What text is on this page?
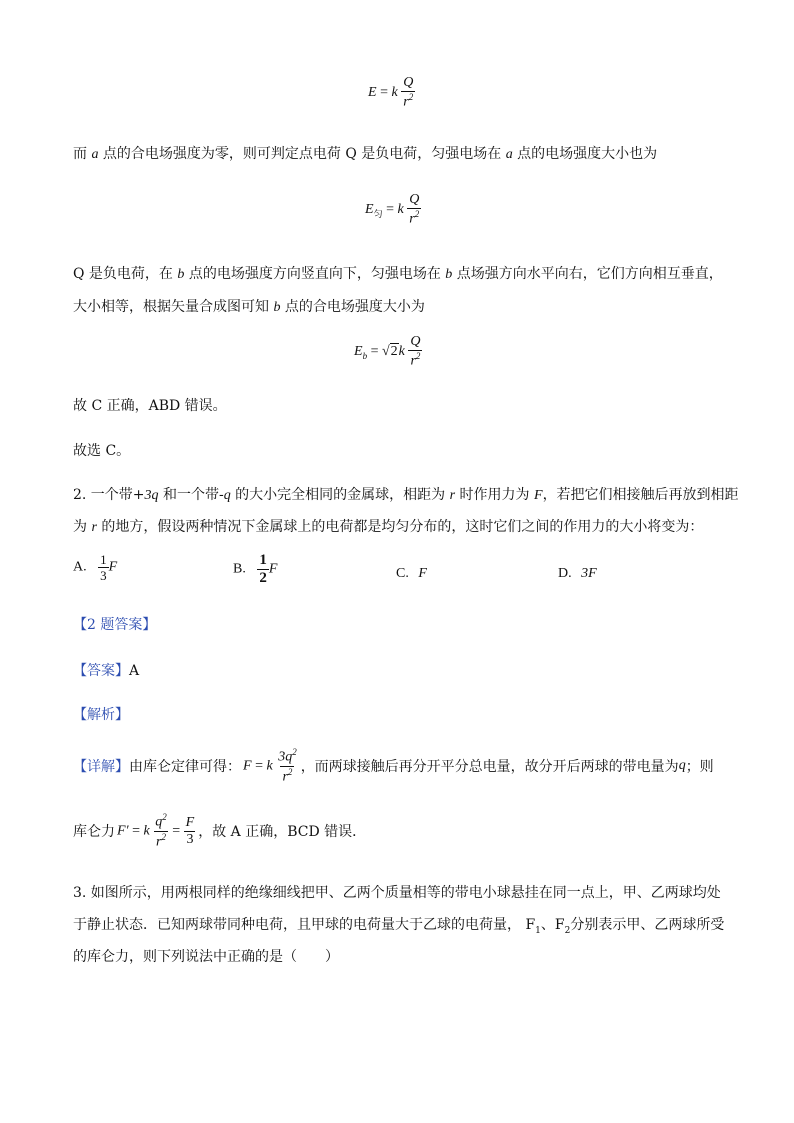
E = k $\frac{Q}{r^2}$
而 a 点的合电场强度为零，则可判定点电荷 Q 是负电荷，匀强电场在 a 点的电场强度大小也为
$E_匀 = k \frac{Q}{r^2}$
Q 是负电荷，在 b 点的电场强度方向竖直向下，匀强电场在 b 点场强方向水平向右，它们方向相互垂直，
大小相等，根据矢量合成图可知 b 点的合电场强度大小为
$E_b = √2k \frac{Q}{r^2}$
故 C 正确，ABD 错误。
故选 C。
2. 一个带+3q 和一个带-q 的大小完全相同的金属球，相距为 r 时作用力为 F，若把它们相接触后再放到相距
为 r 的地方，假设两种情况下金属球上的电荷都是均匀分布的，这时它们之间的作用力的大小将变为：
A. $\frac{1}{3}$ F	B. $\frac{1}{2}$ F	C. F	D. 3F
【2 题答案】
【答案】A
【解析】
【详解】 由库仑定律可得： F = k $\frac{3q^2}{r^2}$ ，而两球接触后再分开平分总电量，故分开后两球的带电量为 q ；则
库仑力 F′ = k $\frac{q^2}{r^2} = \frac{F}{3}$ ，故 A 正确，BCD 错误．
3. 如图所示，用两根同样的绝缘细线把甲、乙两个质量相等的带电小球悬挂在同一点上，甲、乙两球均处
于静止状态．已知两球带同种电荷，且甲球的电荷量大于乙球的电荷量， $F_1$、$F_2$分别表示甲、乙两球所受
的库仑力，则下列说法中正确的是（　　）
